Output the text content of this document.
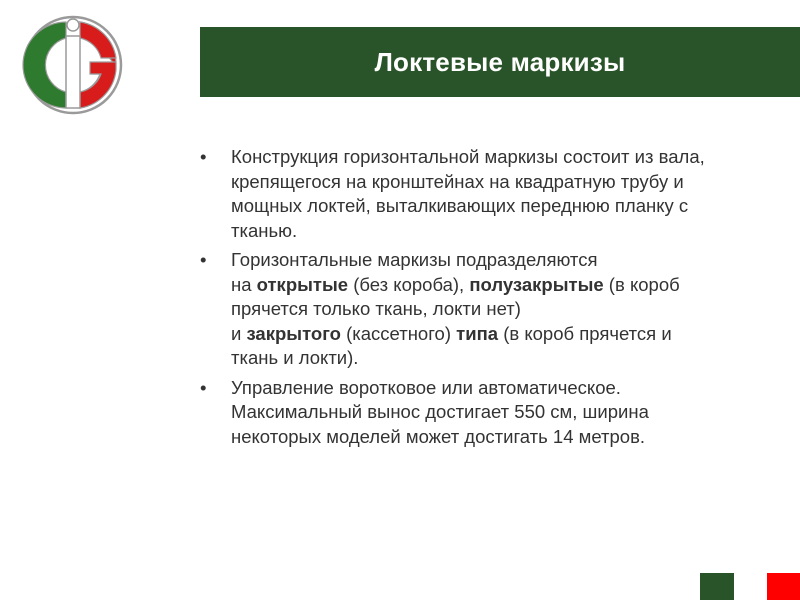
Локтевые маркизы
• Конструкция горизонтальной маркизы состоит из вала,
крепящегося на кронштейнах на квадратную трубу и
мощных локтей, выталкивающих переднюю планку с
тканью.

• Горизонтальные маркизы подразделяются
на открытые (без короба), полузакрытые (в короб
прячется только ткань, локти нет)
и закрытого (кассетного) типа (в короб прячется и
ткань и локти).

• Управление воротковое или автоматическое.
Максимальный вынос достигает 550 см, ширина
некоторых моделей может достигать 14 метров.
